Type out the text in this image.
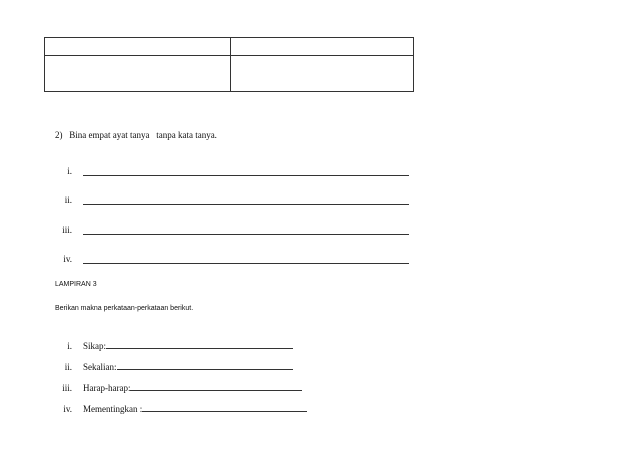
2)   Bina empat ayat tanya   tanpa kata tanya.
i.
ii.
iii.
iv.
LAMPIRAN 3
Berikan makna perkataan-perkataan berikut.
i. Sikap:
ii. Sekalian:
iii. Harap-harap:
iv. Mementingkan :
